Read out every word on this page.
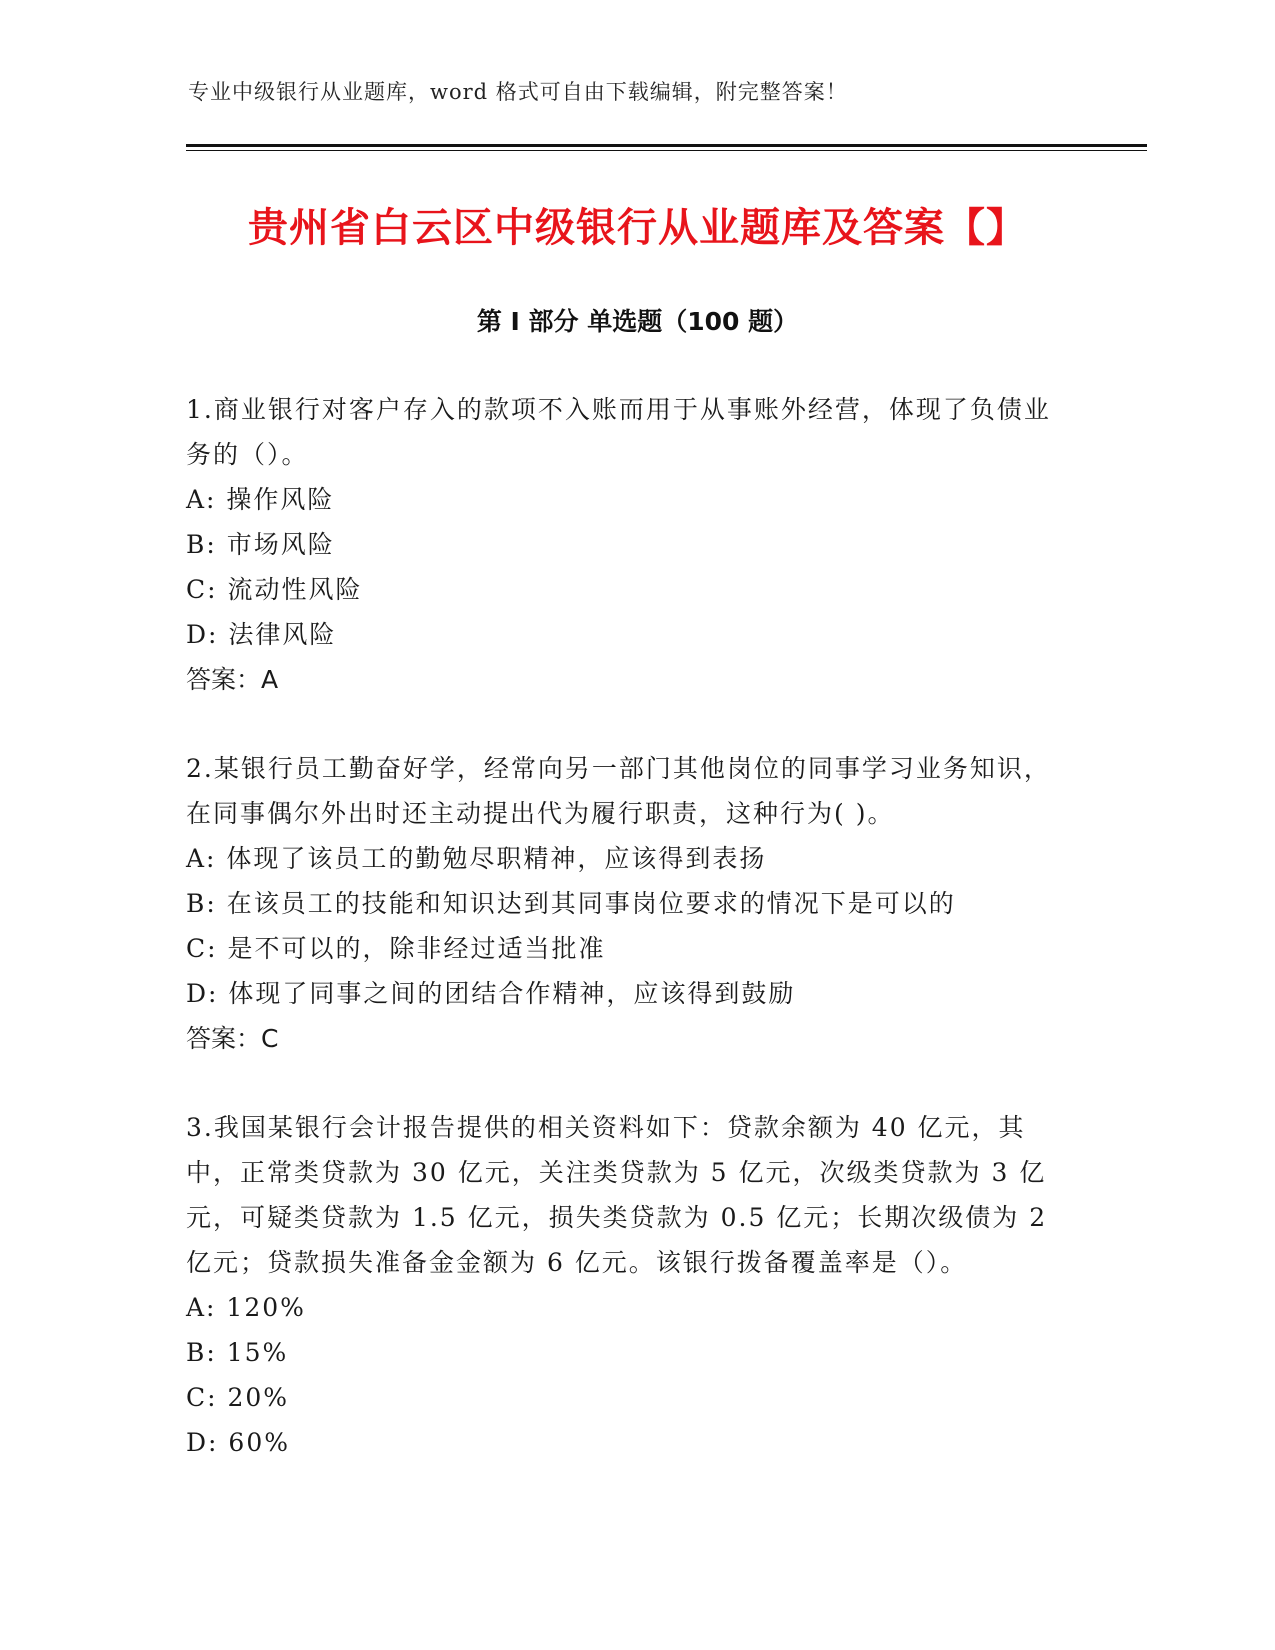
专业中级银行从业题库，word 格式可自由下载编辑，附完整答案！
贵州省白云区中级银行从业题库及答案【】
第 I 部分 单选题（100 题）

1.商业银行对客户存入的款项不入账而用于从事账外经营，体现了负债业务的（）。

A: 操作风险

B: 市场风险

C: 流动性风险

D: 法律风险

答案：A

2.某银行员工勤奋好学，经常向另一部门其他岗位的同事学习业务知识，在同事偶尔外出时还主动提出代为履行职责，这种行为( )。

A: 体现了该员工的勤勉尽职精神，应该得到表扬

B: 在该员工的技能和知识达到其同事岗位要求的情况下是可以的

C: 是不可以的，除非经过适当批准

D: 体现了同事之间的团结合作精神，应该得到鼓励

答案：C

3.我国某银行会计报告提供的相关资料如下：贷款余额为 40 亿元，其中，正常类贷款为 30 亿元，关注类贷款为 5 亿元，次级类贷款为 3 亿元，可疑类贷款为 1.5 亿元，损失类贷款为 0.5 亿元；长期次级债为 2 亿元；贷款损失准备金金额为 6 亿元。该银行拨备覆盖率是（）。

A: 120%

B: 15%

C: 20%

D: 60%
